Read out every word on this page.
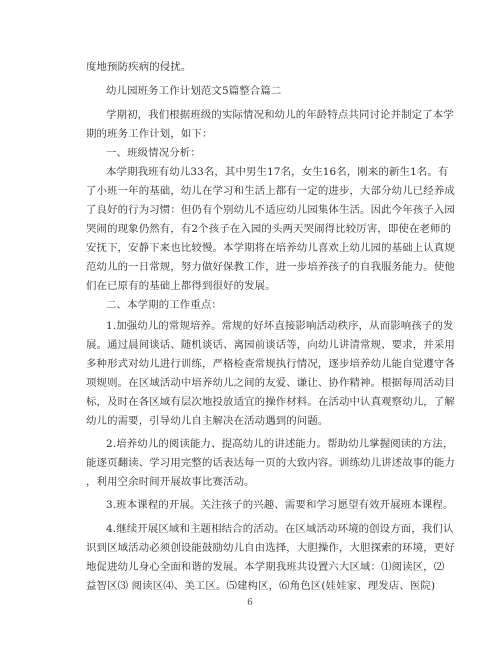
度地预防疾病的侵扰。
幼儿园班务工作计划范文5篇整合篇二
学期初，我们根据班级的实际情况和幼儿的年龄特点共同讨论并制定了本学
期的班务工作计划，如下：
一、班级情况分析：
本学期我班有幼儿33名，其中男生17名，女生16名，刚来的新生1名。有
了小班一年的基础，幼儿在学习和生活上都有一定的进步，大部分幼儿已经养成
了良好的行为习惯：但仍有个别幼儿不适应幼儿园集体生活。因此今年孩子入园
哭闹的现象仍然有，有2个孩子在入园的头两天哭闹得比较厉害，即使在老师的
安抚下，安静下来也比较慢。本学期将在培养幼儿喜欢上幼儿园的基础上认真规
范幼儿的一日常规，努力做好保教工作，进一步培养孩子的自我服务能力。使他
们在已原有的基础上都得到很好的发展。
二、本学期的工作重点：
1.加强幼儿的常规培养。常规的好坏直接影响活动秩序，从而影响孩子的发
展。通过晨间谈话、随机谈话、离园前谈话等，向幼儿讲清常规、要求，并采用
多种形式对幼儿进行训练，严格检查常规执行情况，逐步培养幼儿能自觉遵守各
项规则。在区域活动中培养幼儿之间的友爱、谦让、协作精神。根据每周活动目
标，及时在各区域有层次地投放适宜的操作材料。在活动中认真观察幼儿，了解
幼儿的需要，引导幼儿自主解决在活动遇到的问题。
2.培养幼儿的阅读能力、提高幼儿的讲述能力。帮助幼儿掌握阅读的方法，
能逐页翻读、学习用完整的话表达每一页的大致内容。训练幼儿讲述故事的能力
，利用空余时间开展故事比赛活动。
3.班本课程的开展。关注孩子的兴趣、需要和学习愿望有效开展班本课程。
4.继续开展区域和主题相结合的活动。在区域活动环境的创设方面，我们认
识到区域活动必须创设能鼓励幼儿自由选择，大胆操作，大胆探索的环境，更好
地促进幼儿身心全面和谐的发展。本学期我班共设置六大区域：⑴阅读区，⑵
益智区⑶ 阅读区⑷、美工区。⑸建构区，⑹角色区(娃娃家、理发店、医院)
6
